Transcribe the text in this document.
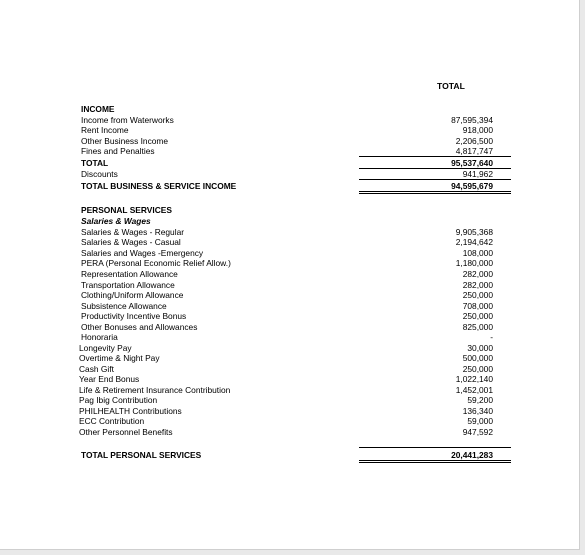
TOTAL
INCOME
Income from Waterworks	87,595,394
Rent Income	918,000
Other Business Income	2,206,500
Fines and Penalties	4,817,747
TOTAL	95,537,640
Discounts	941,962
TOTAL BUSINESS & SERVICE INCOME	94,595,679
PERSONAL SERVICES
Salaries & Wages
Salaries & Wages - Regular	9,905,368
Salaries & Wages - Casual	2,194,642
Salaries and Wages -Emergency	108,000
PERA (Personal Economic Relief Allow.)	1,180,000
Representation Allowance	282,000
Transportation Allowance	282,000
Clothing/Uniform Allowance	250,000
Subsistence Allowance	708,000
Productivity Incentive Bonus	250,000
Other Bonuses and Allowances	825,000
Honoraria	-
Longevity Pay	30,000
Overtime & Night Pay	500,000
Cash Gift	250,000
Year End Bonus	1,022,140
Life & Retirement Insurance Contribution	1,452,001
Pag Ibig Contribution	59,200
PHILHEALTH Contributions	136,340
ECC Contribution	59,000
Other Personnel Benefits	947,592
TOTAL PERSONAL SERVICES	20,441,283
